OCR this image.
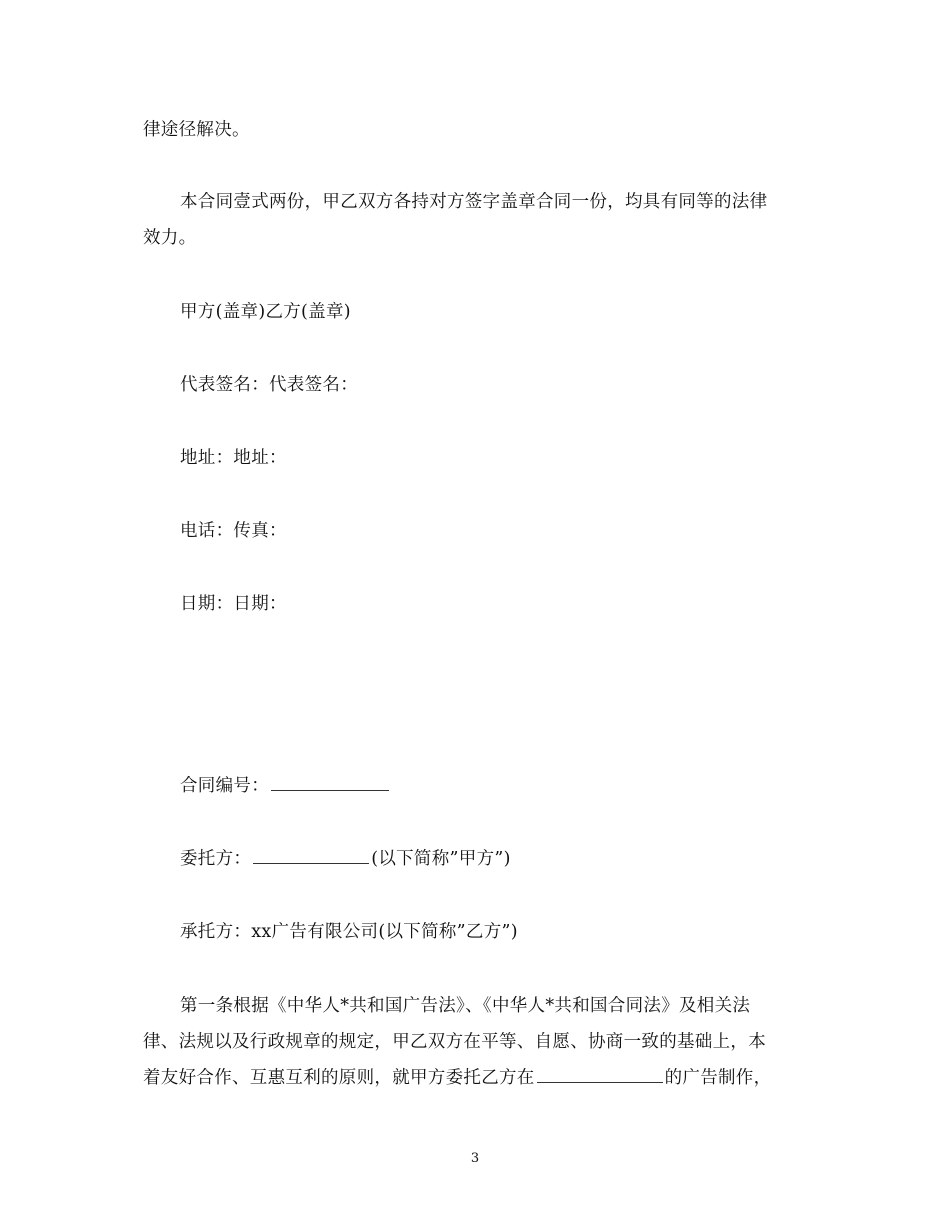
律途径解决。
本合同壹式两份，甲乙双方各持对方签字盖章合同一份，均具有同等的法律
效力。
甲方(盖章)乙方(盖章)
代表签名：代表签名：
地址：地址：
电话：传真：
日期：日期：
合同编号：
委托方：	(以下简称”甲方”)
承托方：xx广告有限公司(以下简称”乙方”)
第一条根据《中华人*共和国广告法》、《中华人*共和国合同法》及相关法
律、法规以及行政规章的规定，甲乙双方在平等、自愿、协商一致的基础上，本
着友好合作、互惠互利的原则，就甲方委托乙方在	的广告制作，
3
